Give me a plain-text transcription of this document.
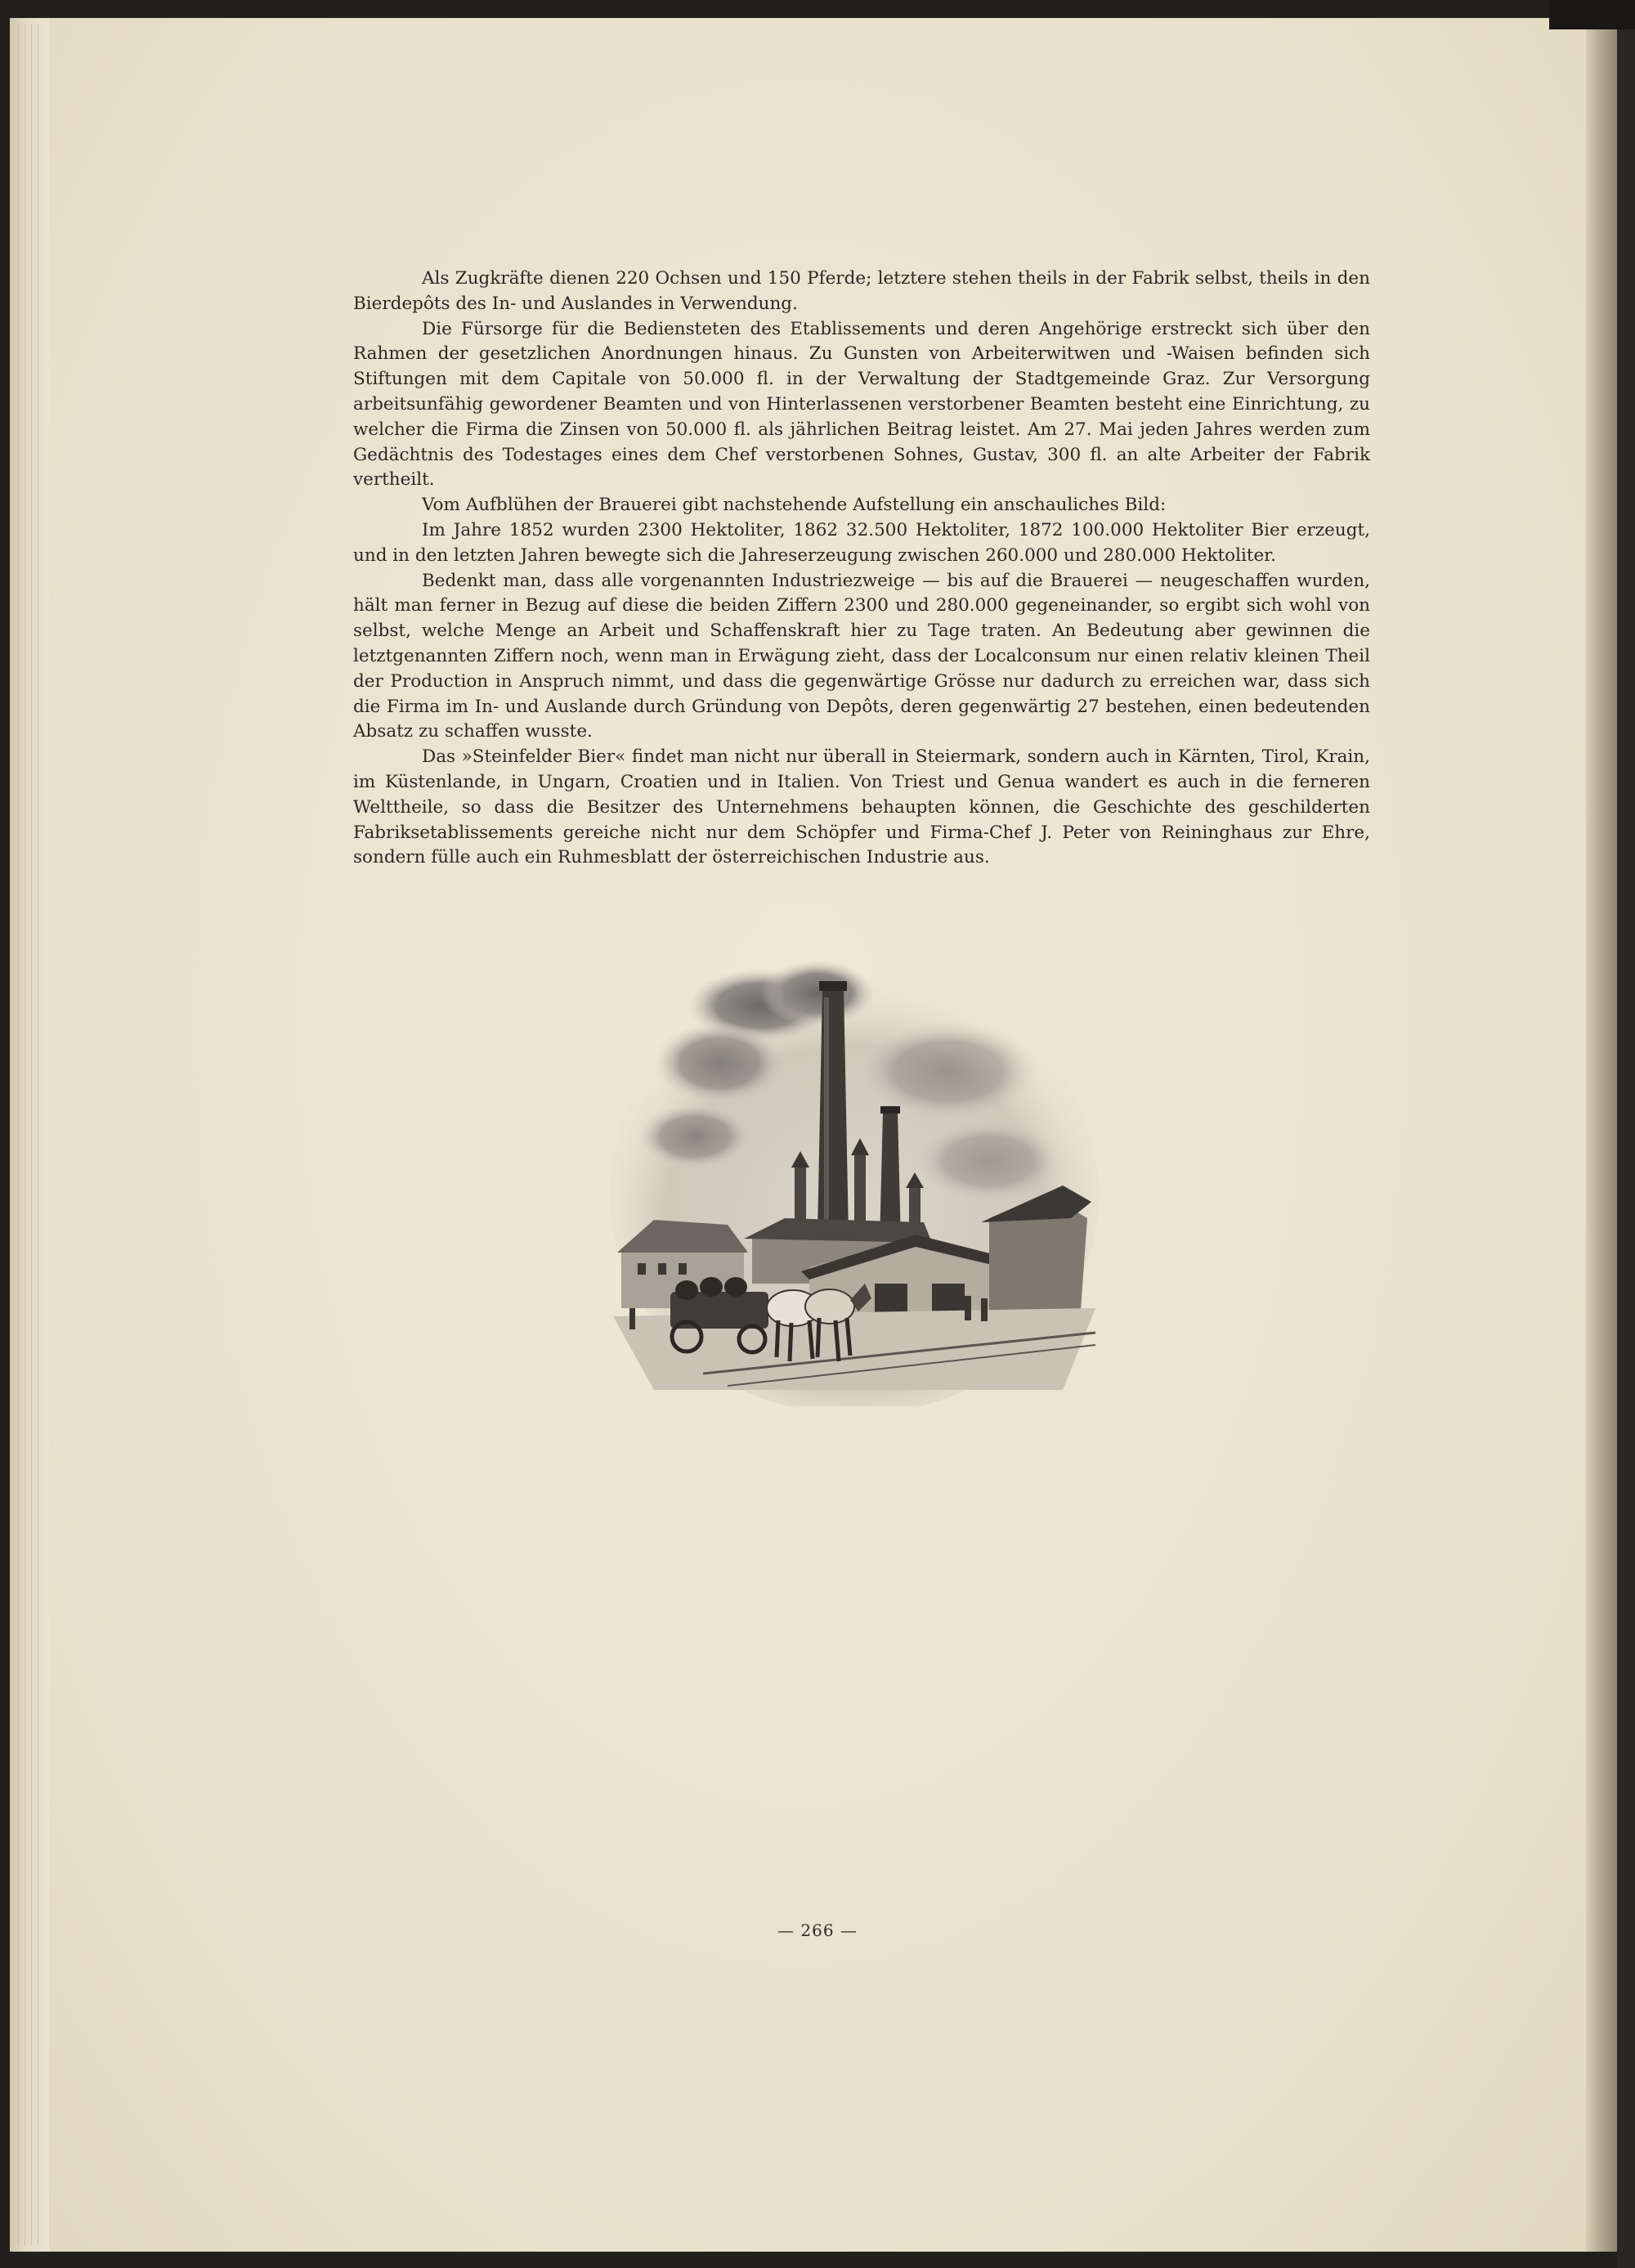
Als Zugkräfte dienen 220 Ochsen und 150 Pferde; letztere stehen theils in der Fabrik selbst, theils in den Bierdepôts des In- und Auslandes in Verwendung.

Die Fürsorge für die Bediensteten des Etablissements und deren Angehörige erstreckt sich über den Rahmen der gesetzlichen Anordnungen hinaus. Zu Gunsten von Arbeiterwitwen und -Waisen befinden sich Stiftungen mit dem Capitale von 50.000 fl. in der Verwaltung der Stadtgemeinde Graz. Zur Versorgung arbeitsunfähig gewordener Beamten und von Hinterlassenen verstorbener Beamten besteht eine Einrichtung, zu welcher die Firma die Zinsen von 50.000 fl. als jährlichen Beitrag leistet. Am 27. Mai jeden Jahres werden zum Gedächtnis des Todestages eines dem Chef verstorbenen Sohnes, Gustav, 300 fl. an alte Arbeiter der Fabrik vertheilt.

Vom Aufblühen der Brauerei gibt nachstehende Aufstellung ein anschauliches Bild:

Im Jahre 1852 wurden 2300 Hektoliter, 1862 32.500 Hektoliter, 1872 100.000 Hektoliter Bier erzeugt, und in den letzten Jahren bewegte sich die Jahreserzeugung zwischen 260.000 und 280.000 Hektoliter.

Bedenkt man, dass alle vorgenannten Industriezweige — bis auf die Brauerei — neugeschaffen wurden, hält man ferner in Bezug auf diese die beiden Ziffern 2300 und 280.000 gegeneinander, so ergibt sich wohl von selbst, welche Menge an Arbeit und Schaffenskraft hier zu Tage traten. An Bedeutung aber gewinnen die letztgenannten Ziffern noch, wenn man in Erwägung zieht, dass der Localconsum nur einen relativ kleinen Theil der Production in Anspruch nimmt, und dass die gegenwärtige Grösse nur dadurch zu erreichen war, dass sich die Firma im In- und Auslande durch Gründung von Depôts, deren gegenwärtig 27 bestehen, einen bedeutenden Absatz zu schaffen wusste.

Das »Steinfelder Bier« findet man nicht nur überall in Steiermark, sondern auch in Kärnten, Tirol, Krain, im Küstenlande, in Ungarn, Croatien und in Italien. Von Triest und Genua wandert es auch in die ferneren Welttheile, so dass die Besitzer des Unternehmens behaupten können, die Geschichte des geschilderten Fabriksetablissements gereiche nicht nur dem Schöpfer und Firma-Chef J. Peter von Reininghaus zur Ehre, sondern fülle auch ein Ruhmesblatt der österreichischen Industrie aus.

— 266 —
